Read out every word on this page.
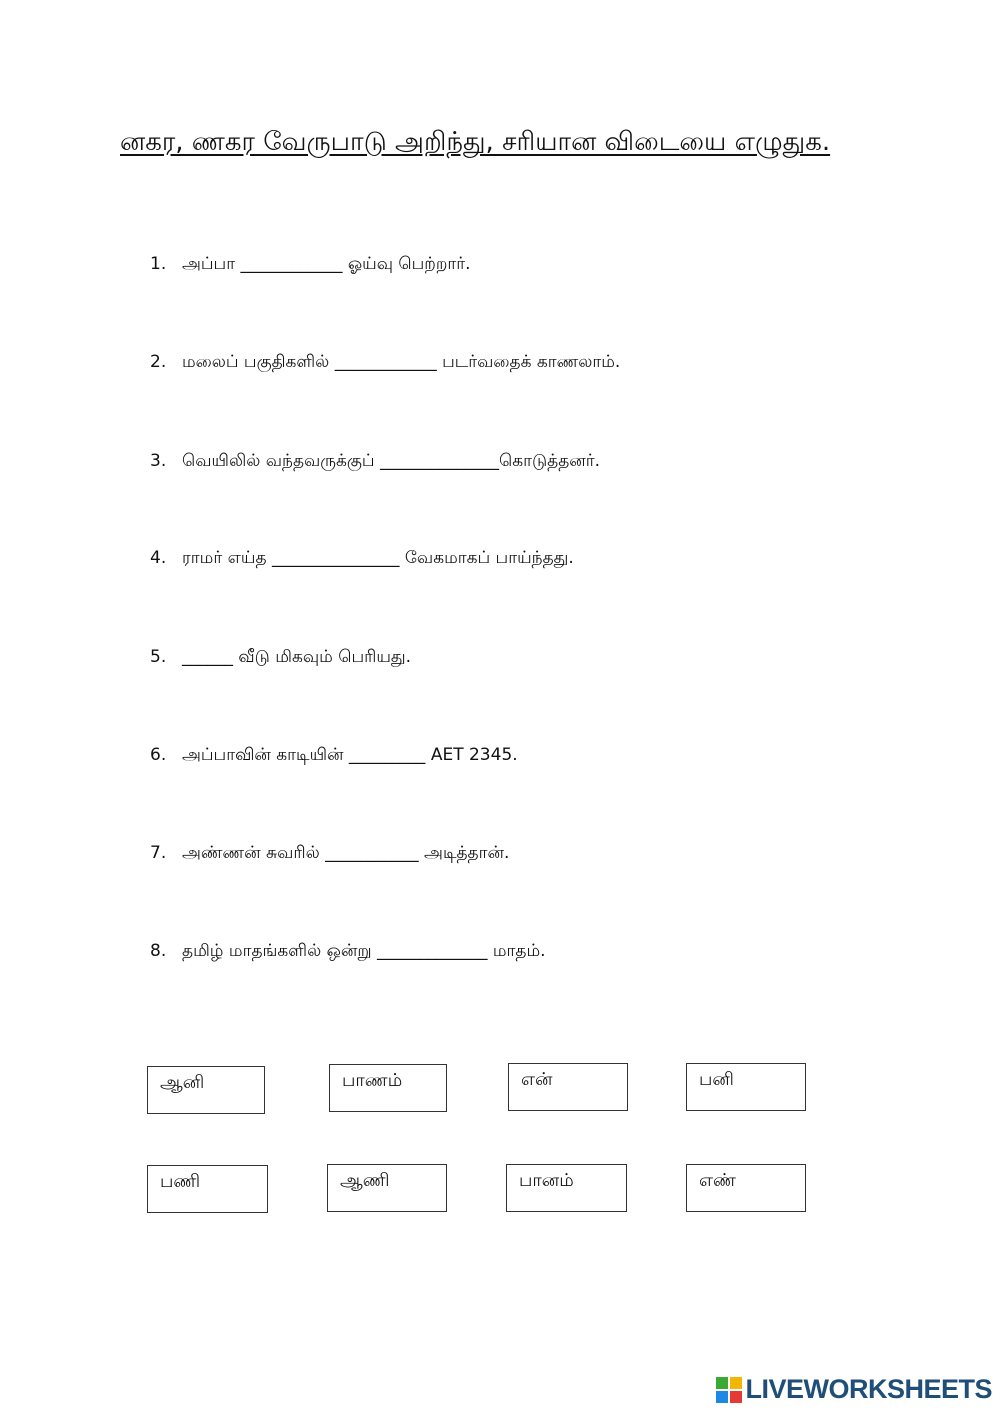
னகர, ணகர வேருபாடு அறிந்து, சரியான விடையை எழுதுக.
1. அப்பா ____________ ஓய்வு பெற்றார்.
2. மலைப் பகுதிகளில் ____________ படர்வதைக் காணலாம்.
3. வெயிலில் வந்தவருக்குப் ______________கொடுத்தனர்.
4. ராமர் எய்த _______________ வேகமாகப் பாய்ந்தது.
5. ______ வீடு மிகவும் பெரியது.
6. அப்பாவின் காடியின் _________ AET 2345.
7. அண்ணன் சுவரில் ___________ அடித்தான்.
8. தமிழ் மாதங்களில் ஒன்று _____________ மாதம்.
ஆனி	பாணம்	என்	பனி
பணி	ஆணி	பானம்	எண்
LIVEWORKSHEETS
